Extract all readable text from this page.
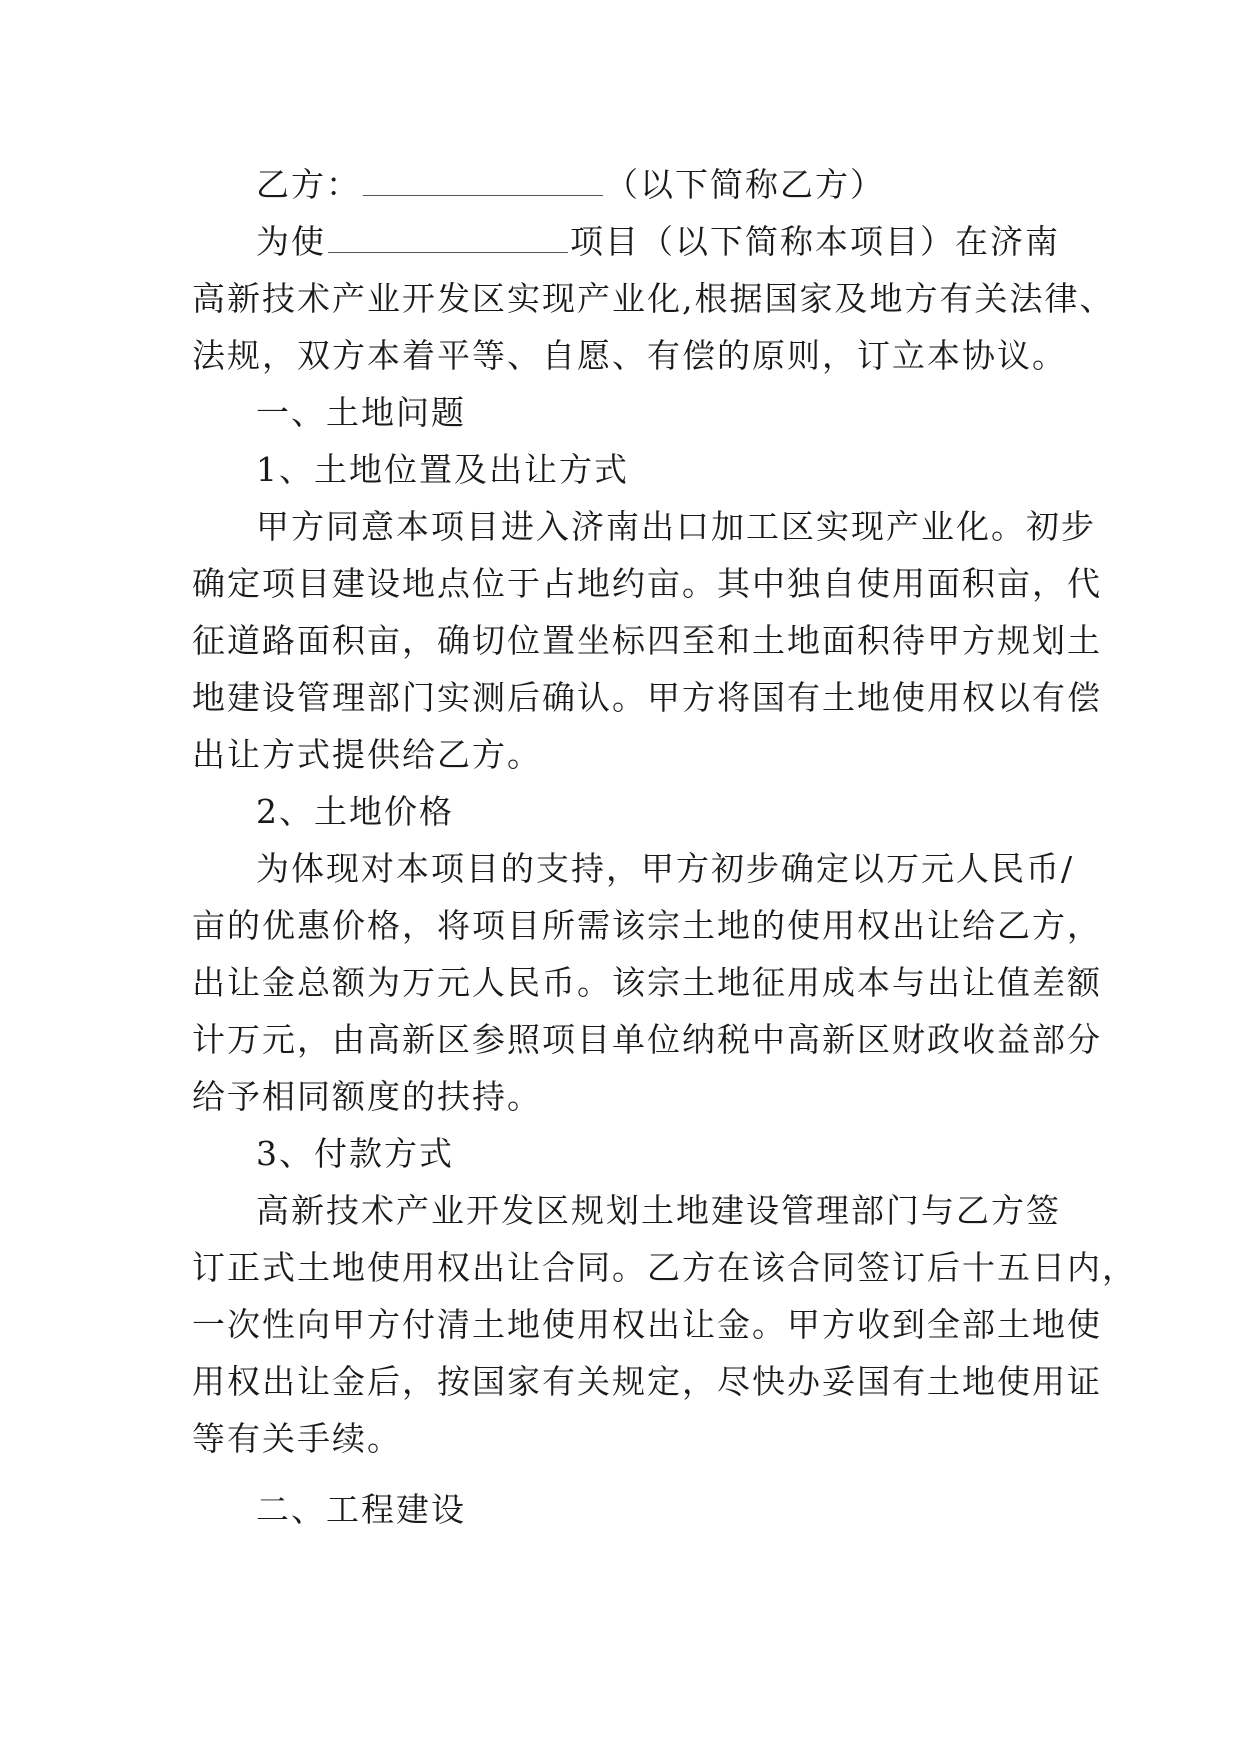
乙方：	（以下简称乙方）
为使	项目（以下简称本项目）在济南
高新技术产业开发区实现产业化,根据国家及地方有关法律、
法规，双方本着平等、自愿、有偿的原则，订立本协议。
一、土地问题
1、土地位置及出让方式
甲方同意本项目进入济南出口加工区实现产业化。初步
确定项目建设地点位于占地约亩。其中独自使用面积亩，代
征道路面积亩，确切位置坐标四至和土地面积待甲方规划土
地建设管理部门实测后确认。甲方将国有土地使用权以有偿
出让方式提供给乙方。
2、土地价格
为体现对本项目的支持，甲方初步确定以万元人民币/
亩的优惠价格，将项目所需该宗土地的使用权出让给乙方，
出让金总额为万元人民币。该宗土地征用成本与出让值差额
计万元，由高新区参照项目单位纳税中高新区财政收益部分
给予相同额度的扶持。
3、付款方式
高新技术产业开发区规划土地建设管理部门与乙方签
订正式土地使用权出让合同。乙方在该合同签订后十五日内，
一次性向甲方付清土地使用权出让金。甲方收到全部土地使
用权出让金后，按国家有关规定，尽快办妥国有土地使用证
等有关手续。
二、工程建设
